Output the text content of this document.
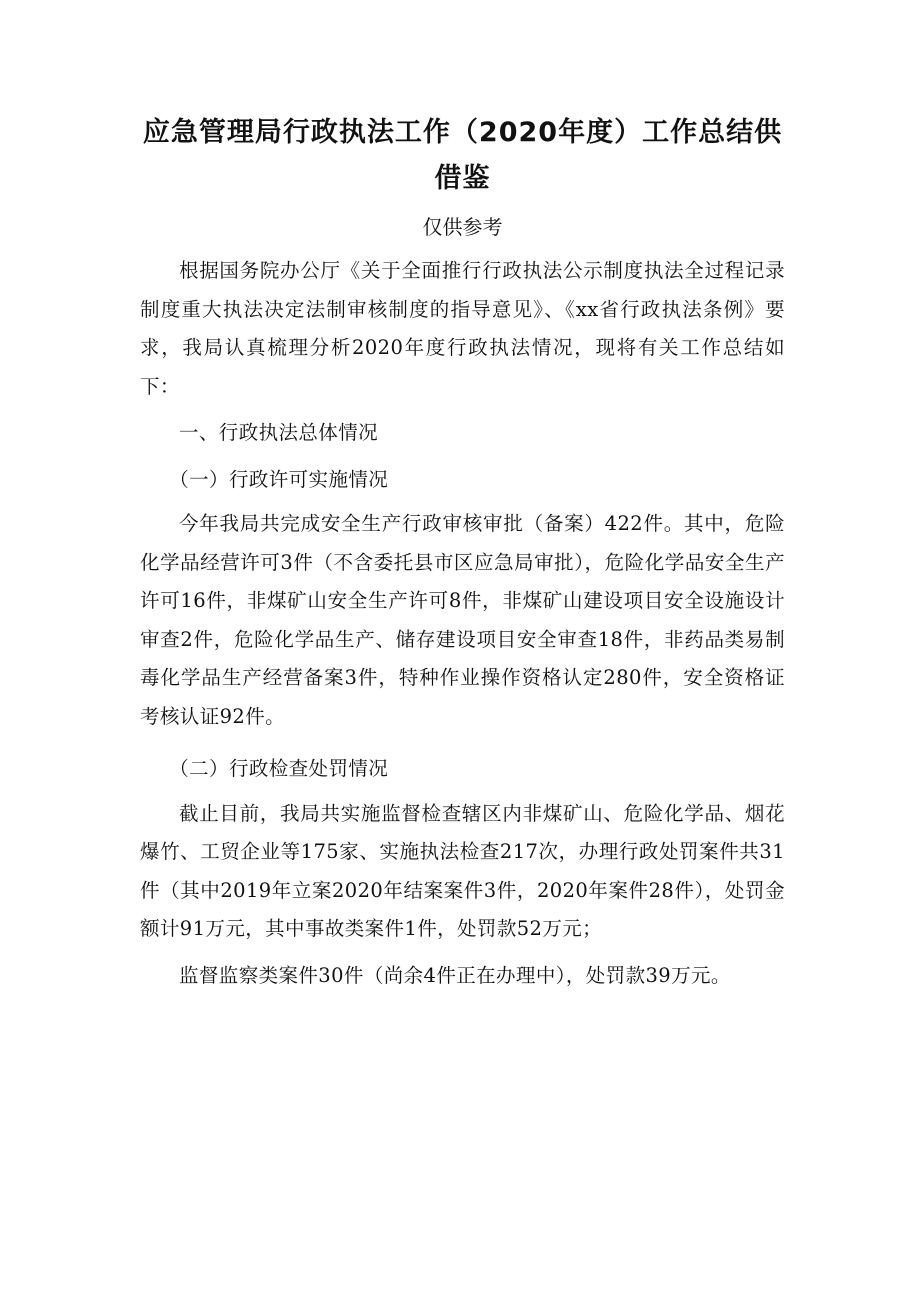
应急管理局行政执法工作（2020年度）工作总结供借鉴

仅供参考

根据国务院办公厅《关于全面推行行政执法公示制度执法全过程记录制度重大执法决定法制审核制度的指导意见》、《xx省行政执法条例》要求，我局认真梳理分析2020年度行政执法情况，现将有关工作总结如下：

一、行政执法总体情况

（一）行政许可实施情况

今年我局共完成安全生产行政审核审批（备案）422件。其中，危险化学品经营许可3件（不含委托县市区应急局审批），危险化学品安全生产许可16件，非煤矿山安全生产许可8件，非煤矿山建设项目安全设施设计审查2件，危险化学品生产、储存建设项目安全审查18件，非药品类易制毒化学品生产经营备案3件，特种作业操作资格认定280件，安全资格证考核认证92件。

（二）行政检查处罚情况

截止目前，我局共实施监督检查辖区内非煤矿山、危险化学品、烟花爆竹、工贸企业等175家、实施执法检查217次，办理行政处罚案件共31件（其中2019年立案2020年结案案件3件，2020年案件28件），处罚金额计91万元，其中事故类案件1件，处罚款52万元；

监督监察类案件30件（尚余4件正在办理中），处罚款39万元。
